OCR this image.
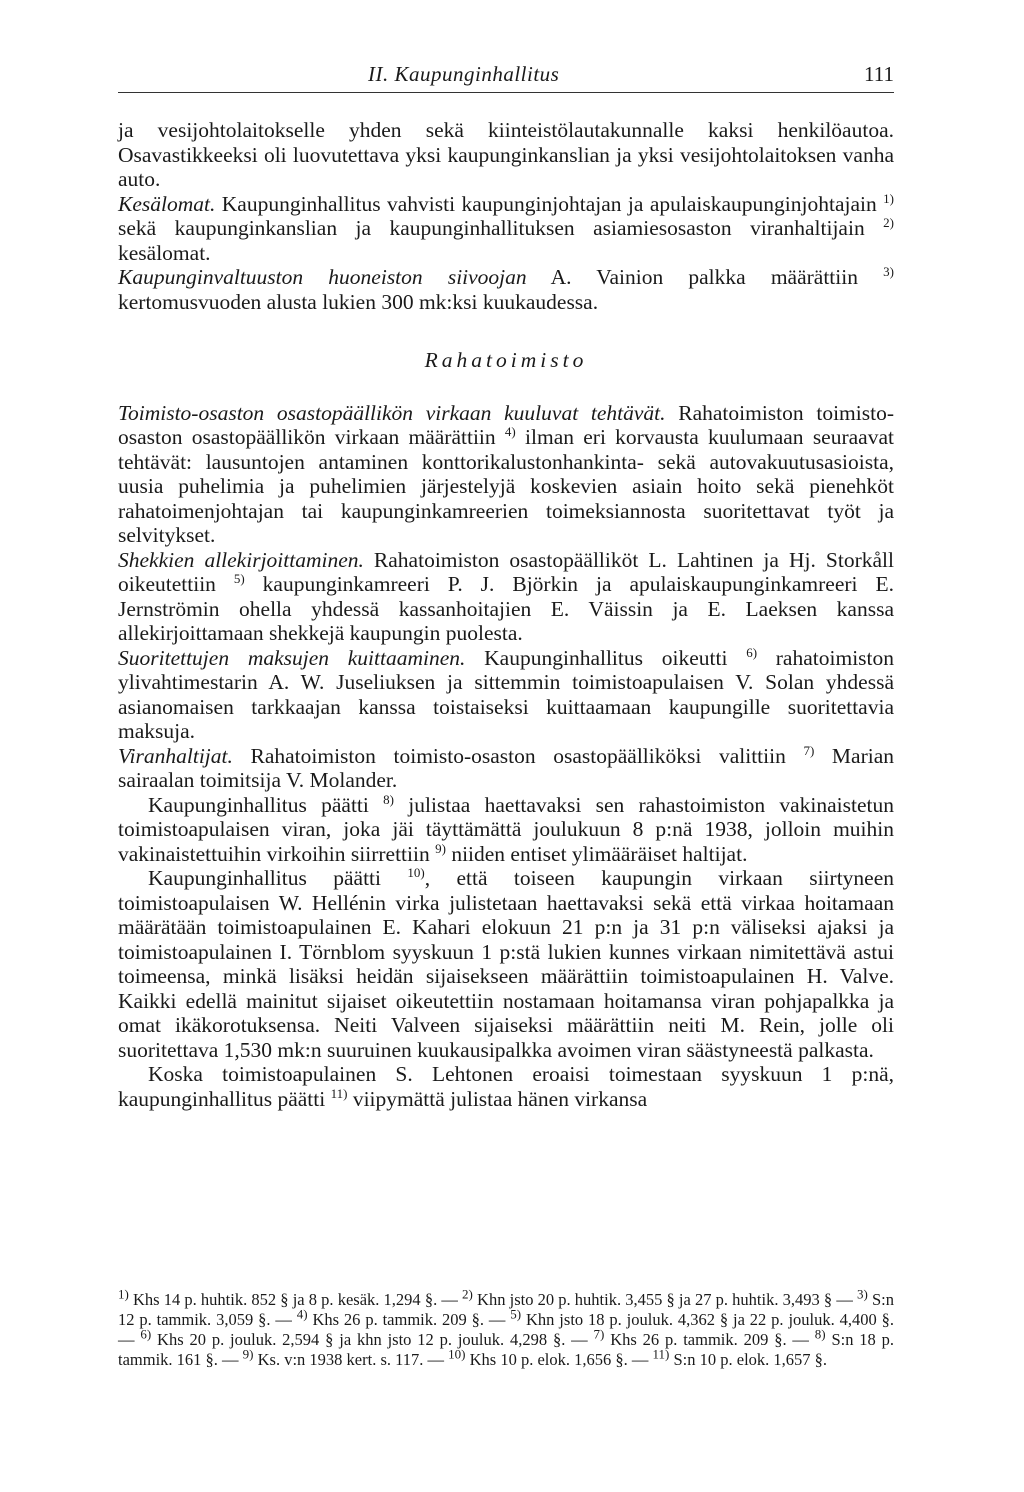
II. Kaupunginhallitus	111

ja vesijohtolaitokselle yhden sekä kiinteistölautakunnalle kaksi henkilöautoa. Osavastikkeeksi oli luovutettava yksi kaupunginkanslian ja yksi vesijohtolaitoksen vanha auto.

Kesälomat. Kaupunginhallitus vahvisti kaupunginjohtajan ja apulaiskaupunginjohtajain $^{1)}$ sekä kaupunginkanslian ja kaupunginhallituksen asiamiesosaston viranhaltijain $^{2)}$ kesälomat.

Kaupunginvaltuuston huoneiston siivoojan A. Vainion palkka määrättiin $^{3)}$ kertomusvuoden alusta lukien 300 mk:ksi kuukaudessa.

Rahatoimisto

Toimisto-osaston osastopäällikön virkaan kuuluvat tehtävät. Rahatoimiston toimisto-osaston osastopäällikön virkaan määrättiin $^{4)}$ ilman eri korvausta kuulumaan seuraavat tehtävät: lausuntojen antaminen konttorikalustonhankinta- sekä autovakuutusasioista, uusia puhelimia ja puhelimien järjestelyjä koskevien asiain hoito sekä pienehköt rahatoimenjohtajan tai kaupunginkamreerien toimeksiannosta suoritettavat työt ja selvitykset.

Shekkien allekirjoittaminen. Rahatoimiston osastopäälliköt L. Lahtinen ja Hj. Storkåll oikeutettiin $^{5)}$ kaupunginkamreeri P. J. Björkin ja apulaiskaupunginkamreeri E. Jernströmin ohella yhdessä kassanhoitajien E. Väissin ja E. Laeksen kanssa allekirjoittamaan shekkejä kaupungin puolesta.

Suoritettujen maksujen kuittaaminen. Kaupunginhallitus oikeutti $^{6)}$ rahatoimiston ylivahtimestarin A. W. Juseliuksen ja sittemmin toimistoapulaisen V. Solan yhdessä asianomaisen tarkkaajan kanssa toistaiseksi kuittaamaan kaupungille suoritettavia maksuja.

Viranhaltijat. Rahatoimiston toimisto-osaston osastopäälliköksi valittiin $^{7)}$ Marian sairaalan toimitsija V. Molander.

Kaupunginhallitus päätti $^{8)}$ julistaa haettavaksi sen rahastoimiston vakinaistetun toimistoapulaisen viran, joka jäi täyttämättä joulukuun 8 p:nä 1938, jolloin muihin vakinaistettuihin virkoihin siirrettiin $^{9)}$ niiden entiset ylimääräiset haltijat.

Kaupunginhallitus päätti $^{10)}$, että toiseen kaupungin virkaan siirtyneen toimistoapulaisen W. Hellénin virka julistetaan haettavaksi sekä että virkaa hoitamaan määrätään toimistoapulainen E. Kahari elokuun 21 p:n ja 31 p:n väliseksi ajaksi ja toimistoapulainen I. Törnblom syyskuun 1 p:stä lukien kunnes virkaan nimitettävä astui toimeensa, minkä lisäksi heidän sijaisekseen määrättiin toimistoapulainen H. Valve. Kaikki edellä mainitut sijaiset oikeutettiin nostamaan hoitamansa viran pohjapalkka ja omat ikäkorotuksensa. Neiti Valveen sijaiseksi määrättiin neiti M. Rein, jolle oli suoritettava 1,530 mk:n suuruinen kuukausipalkka avoimen viran säästyneestä palkasta.

Koska toimistoapulainen S. Lehtonen eroaisi toimestaan syyskuun 1 p:nä, kaupunginhallitus päätti $^{11)}$ viipymättä julistaa hänen virkansa

$^{1)}$ Khs 14 p. huhtik. 852 § ja 8 p. kesäk. 1,294 §. — $^{2)}$ Khn jsto 20 p. huhtik. 3,455 § ja 27 p. huhtik. 3,493 § — $^{3)}$ S:n 12 p. tammik. 3,059 §. — $^{4)}$ Khs 26 p. tammik. 209 §. — $^{5)}$ Khn jsto 18 p. jouluk. 4,362 § ja 22 p. jouluk. 4,400 §. — $^{6)}$ Khs 20 p. jouluk. 2,594 § ja khn jsto 12 p. jouluk. 4,298 §. — $^{7)}$ Khs 26 p. tammik. 209 §. — $^{8)}$ S:n 18 p. tammik. 161 §. — $^{9)}$ Ks. v:n 1938 kert. s. 117. — $^{10)}$ Khs 10 p. elok. 1,656 §. — $^{11)}$ S:n 10 p. elok. 1,657 §.
